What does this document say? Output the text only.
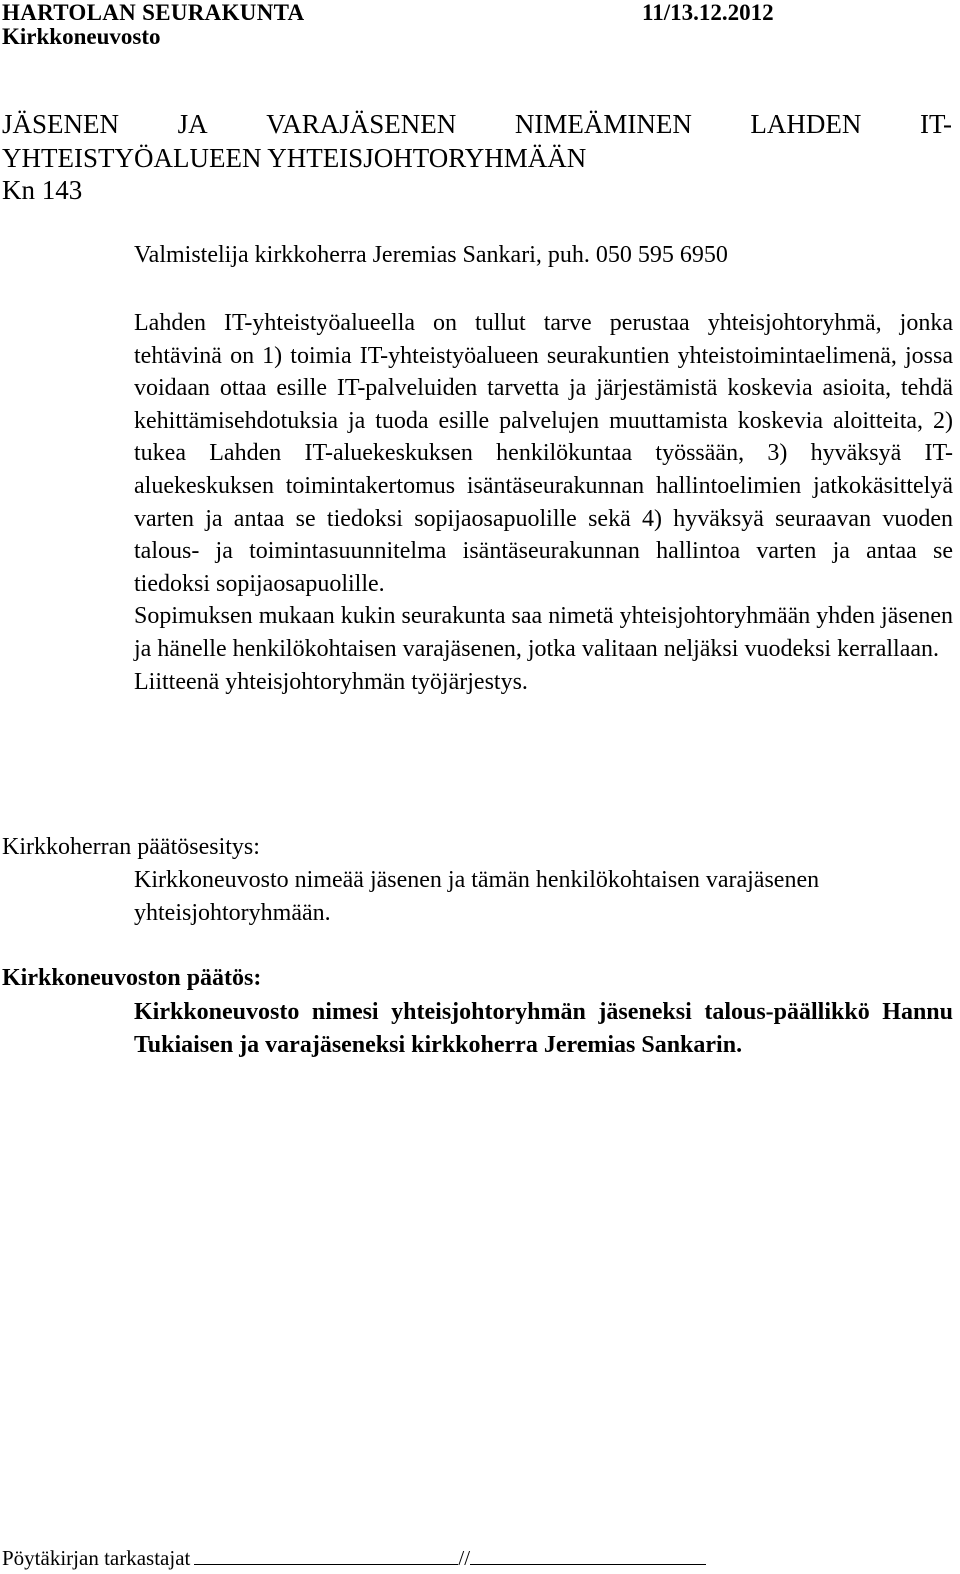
HARTOLAN SEURAKUNTA	11/13.12.2012
Kirkkoneuvosto
JÄSENEN JA VARAJÄSENEN NIMEÄMINEN LAHDEN IT-
YHTEISTYÖALUEEN YHTEISJOHTORYHMÄÄN
Kn 143
Valmistelija kirkkoherra Jeremias Sankari, puh. 050 595 6950

Lahden IT-yhteistyöalueella on tullut tarve perustaa yhteisjohtoryhmä, jonka tehtävinä on 1) toimia IT-yhteistyöalueen seurakuntien yhteistoimintaelimenä, jossa voidaan ottaa esille IT-palveluiden tarvetta ja järjestämistä koskevia asioita, tehdä kehittämisehdotuksia ja tuoda esille palvelujen muuttamista koskevia aloitteita, 2) tukea Lahden IT-aluekeskuksen henkilökuntaa työssään, 3) hyväksyä IT-aluekeskuksen toimintakertomus isäntäseurakunnan hallintoelimien jatkokäsittelyä varten ja antaa se tiedoksi sopijaosapuolille sekä 4) hyväksyä seuraavan vuoden talous- ja toimintasuunnitelma isäntäseurakunnan hallintoa varten ja antaa se tiedoksi sopijaosapuolille.

Sopimuksen mukaan kukin seurakunta saa nimetä yhteisjohtoryhmään yhden jäsenen ja hänelle henkilökohtaisen varajäsenen, jotka valitaan neljäksi vuodeksi kerrallaan.

Liitteenä yhteisjohtoryhmän työjärjestys.

Kirkkoherran päätösesitys:
Kirkkoneuvosto nimeää jäsenen ja tämän henkilökohtaisen varajäsenen yhteisjohtoryhmään.
Kirkkoneuvoston päätös:
Kirkkoneuvosto nimesi yhteisjohtoryhmän jäseneksi talous-päällikkö Hannu Tukiaisen ja varajäseneksi kirkkoherra Jeremias Sankarin.
Pöytäkirjan tarkastajat	//
